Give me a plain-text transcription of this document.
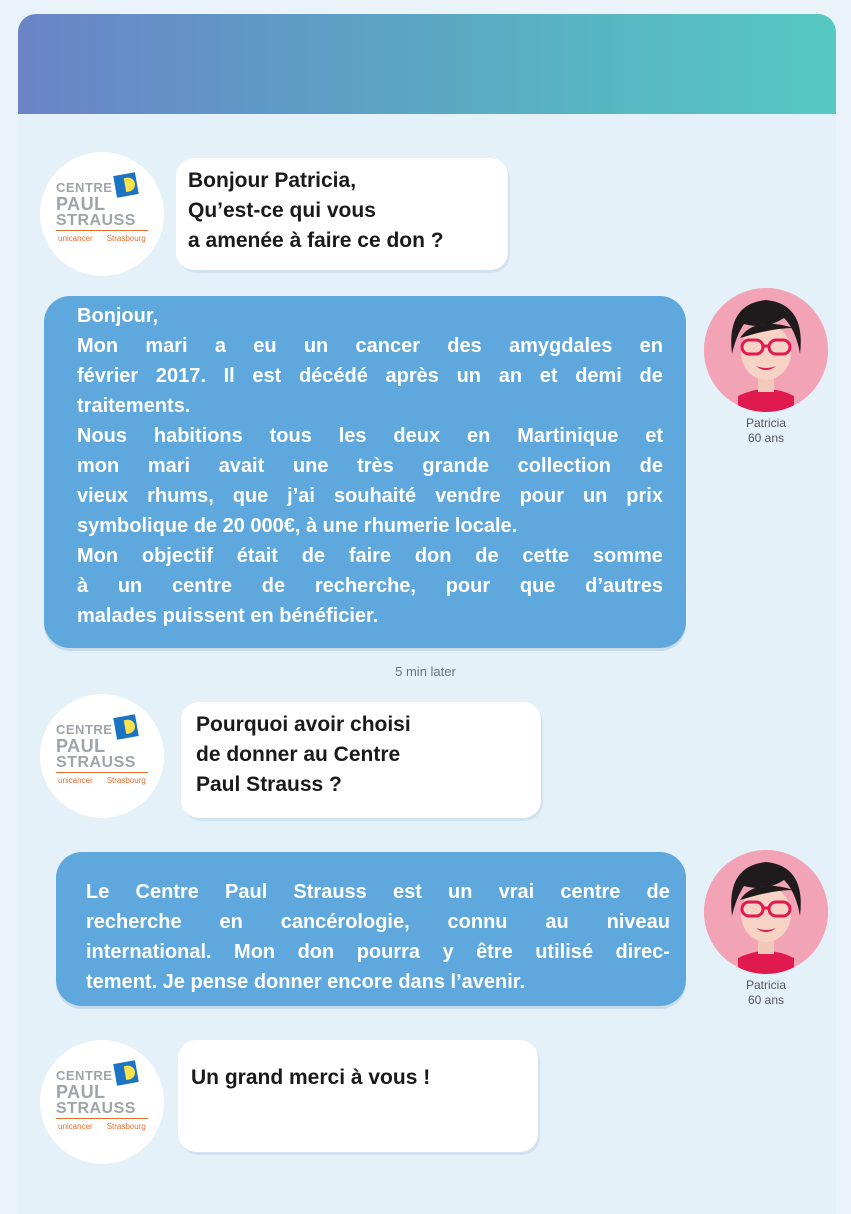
CENTRE
PAUL
STRAUSS
unicancer Strasbourg
Bonjour Patricia,
Qu’est-ce qui vous
a amenée à faire ce don ?
Bonjour,
Mon mari a eu un cancer des amygdales en
février 2017. Il est décédé après un an et demi de
traitements.
Nous habitions tous les deux en Martinique et
mon mari avait une très grande collection de
vieux rhums, que j’ai souhaité vendre pour un prix
symbolique de 20 000€, à une rhumerie locale.
Mon objectif était de faire don de cette somme
à un centre de recherche, pour que d’autres
malades puissent en bénéficier.
Patricia
60 ans
5 min later
CENTRE
PAUL
STRAUSS
unicancer Strasbourg
Pourquoi avoir choisi
de donner au Centre
Paul Strauss ?
Le Centre Paul Strauss est un vrai centre de
recherche en cancérologie, connu au niveau
international. Mon don pourra y être utilisé direc-
tement. Je pense donner encore dans l’avenir.	Patricia
60 ans
CENTRE
PAUL
STRAUSS
unicancer Strasbourg
Un grand merci à vous !
